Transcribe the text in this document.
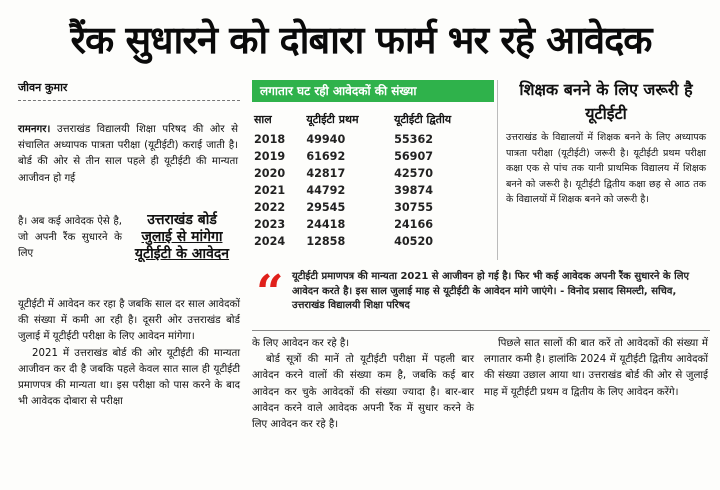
रैंक सुधारने को दोबारा फार्म भर रहे आवेदक
जीवन कुमार

रामनगर। उत्तराखंड विद्यालयी शिक्षा परिषद की ओर से संचालित अध्यापक पात्रता परीक्षा (यूटीईटी) कराई जाती है। बोर्ड की ओर से तीन साल पहले ही यूटीईटी की मान्यता आजीवन हो गई

है। अब कई आवेदक ऐसे है, जो अपनी रैंक सुधारने के लिए
उत्तराखंड बोर्ड
जुलाई से मांगेगा
यूटीईटी के आवेदन

यूटीईटी में आवेदन कर रहा है जबकि साल दर साल आवेदकों की संख्या में कमी आ रही है। दूसरी ओर उत्तराखंड बोर्ड जुलाई में यूटीईटी परीक्षा के लिए आवेदन मांगेगा।

2021 में उत्तराखंड बोर्ड की ओर यूटीईटी की मान्यता आजीवन कर दी है जबकि पहले केवल सात साल ही यूटीईटी प्रमाणपत्र की मान्यता था। इस परीक्षा को पास करने के बाद भी आवेदक दोबारा से परीक्षा

लगातार घट रही आवेदकों की संख्या
साल	यूटीईटी प्रथम	यूटीईटी द्वितीय
2018	49940	55362
2019	61692	56907
2020	42817	42570
2021	44792	39874
2022	29545	30755
2023	24418	24166
2024	12858	40520
शिक्षक बनने के लिए जरूरी है यूटीईटी
उत्तराखंड के विद्यालयों में शिक्षक बनने के लिए अध्यापक पात्रता परीक्षा (यूटीईटी) जरूरी है। यूटीईटी प्रथम परीक्षा कक्षा एक से पांच तक यानी प्राथमिक विद्यालय में शिक्षक बनने को जरूरी है। यूटीईटी द्वितीय कक्षा छह से आठ तक के विद्यालयों में शिक्षक बनने को जरूरी है।
“ यूटीईटी प्रमाणपत्र की मान्यता 2021 से आजीवन हो गई है। फिर भी कई आवेदक अपनी रैंक सुधारने के लिए आवेदन करते है। इस साल जुलाई माह से यूटीईटी के आवेदन मांगे जाएंगे। - विनोद प्रसाद सिमल्टी, सचिव, उत्तराखंड विद्यालयी शिक्षा परिषद

के लिए आवेदन कर रहे है।

बोर्ड सूत्रों की मानें तो यूटीईटी परीक्षा में पहली बार आवेदन करने वालों की संख्या कम है, जबकि कई बार आवेदन कर चुके आवेदकों की संख्या ज्यादा है। बार-बार आवेदन करने वाले आवेदक अपनी रैंक में सुधार करने के लिए आवेदन कर रहे है।

पिछले सात सालों की बात करें तो आवेदकों की संख्या में लगातार कमी है। हालांकि 2024 में यूटीईटी द्वितीय आवेदकों की संख्या उछाल आया था। उत्तराखंड बोर्ड की ओर से जुलाई माह में यूटीईटी प्रथम व द्वितीय के लिए आवेदन करेंगे।
